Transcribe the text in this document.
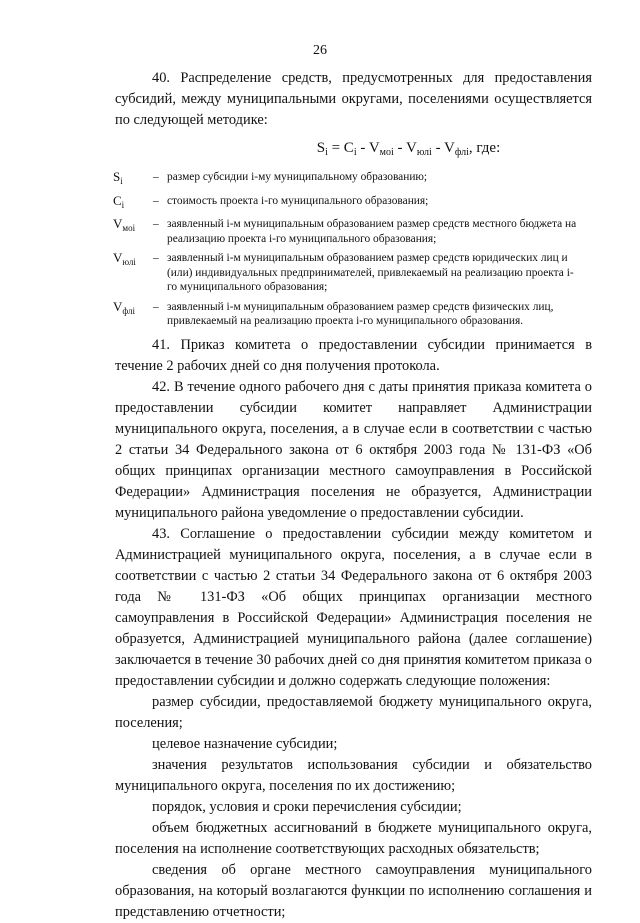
26

40. Распределение средств, предусмотренных для предоставления субсидий, между муниципальными округами, поселениями осуществляется по следующей методике:

$S_i = C_i - V_{моi} - V_{юлi} - V_{флi}$, где:
$S_i$	– размер субсидии i-му муниципальному образованию;
$C_i$	– стоимость проекта i-го муниципального образования;
$V_{моi}$	– заявленный i-м муниципальным образованием размер средств местного бюджета на реализацию проекта i-го муниципального образования;
$V_{юлi}$	– заявленный i-м муниципальным образованием размер средств юридических лиц и (или) индивидуальных предпринимателей, привлекаемый на реализацию проекта i-го муниципального образования;
$V_{флi}$	– заявленный i-м муниципальным образованием размер средств физических лиц, привлекаемый на реализацию проекта i-го муниципального образования.

41. Приказ комитета о предоставлении субсидии принимается в течение 2 рабочих дней со дня получения протокола.

42. В течение одного рабочего дня с даты принятия приказа комитета о предоставлении субсидии комитет направляет Администрации муниципального округа, поселения, а в случае если в соответствии с частью 2 статьи 34 Федерального закона от 6 октября 2003 года № 131-ФЗ «Об общих принципах организации местного самоуправления в Российской Федерации» Администрация поселения не образуется, Администрации муниципального района уведомление о предоставлении субсидии.

43. Соглашение о предоставлении субсидии между комитетом и Администрацией муниципального округа, поселения, а в случае если в соответствии с частью 2 статьи 34 Федерального закона от 6 октября 2003 года № 131-ФЗ «Об общих принципах организации местного самоуправления в Российской Федерации» Администрация поселения не образуется, Администрацией муниципального района (далее соглашение) заключается в течение 30 рабочих дней со дня принятия комитетом приказа о предоставлении субсидии и должно содержать следующие положения:

размер субсидии, предоставляемой бюджету муниципального округа, поселения;

целевое назначение субсидии;

значения результатов использования субсидии и обязательство муниципального округа, поселения по их достижению;

порядок, условия и сроки перечисления субсидии;

объем бюджетных ассигнований в бюджете муниципального округа, поселения на исполнение соответствующих расходных обязательств;

сведения об органе местного самоуправления муниципального образования, на который возлагаются функции по исполнению соглашения и представлению отчетности;
